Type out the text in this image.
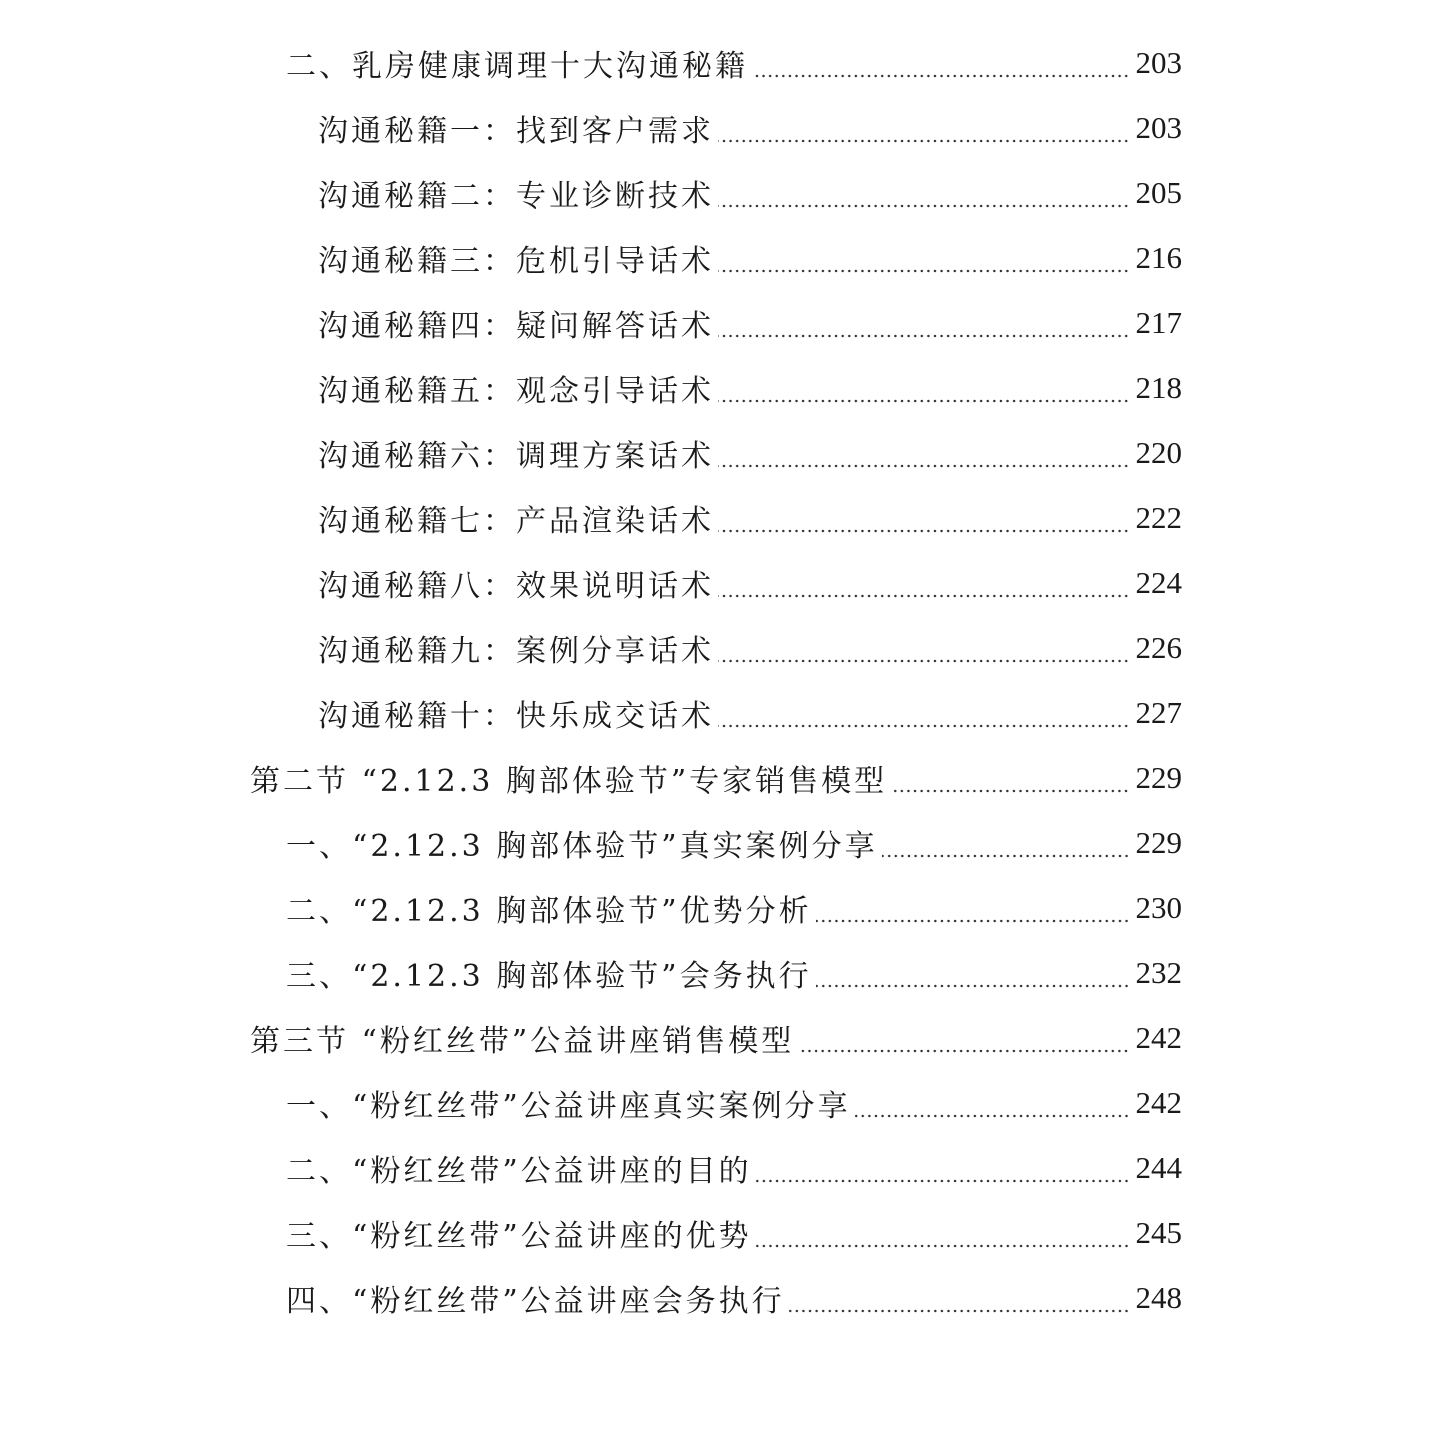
二、乳房健康调理十大沟通秘籍	203
沟通秘籍一：找到客户需求	203
沟通秘籍二：专业诊断技术	205
沟通秘籍三：危机引导话术	216
沟通秘籍四：疑问解答话术	217
沟通秘籍五：观念引导话术	218
沟通秘籍六：调理方案话术	220
沟通秘籍七：产品渲染话术	222
沟通秘籍八：效果说明话术	224
沟通秘籍九：案例分享话术	226
沟通秘籍十：快乐成交话术	227
第二节 “2.12.3 胸部体验节”专家销售模型	229
一、“2.12.3 胸部体验节”真实案例分享	229
二、“2.12.3 胸部体验节”优势分析	230
三、“2.12.3 胸部体验节”会务执行	232
第三节 “粉红丝带”公益讲座销售模型	242
一、“粉红丝带”公益讲座真实案例分享	242
二、“粉红丝带”公益讲座的目的	244
三、“粉红丝带”公益讲座的优势	245
四、“粉红丝带”公益讲座会务执行	248
